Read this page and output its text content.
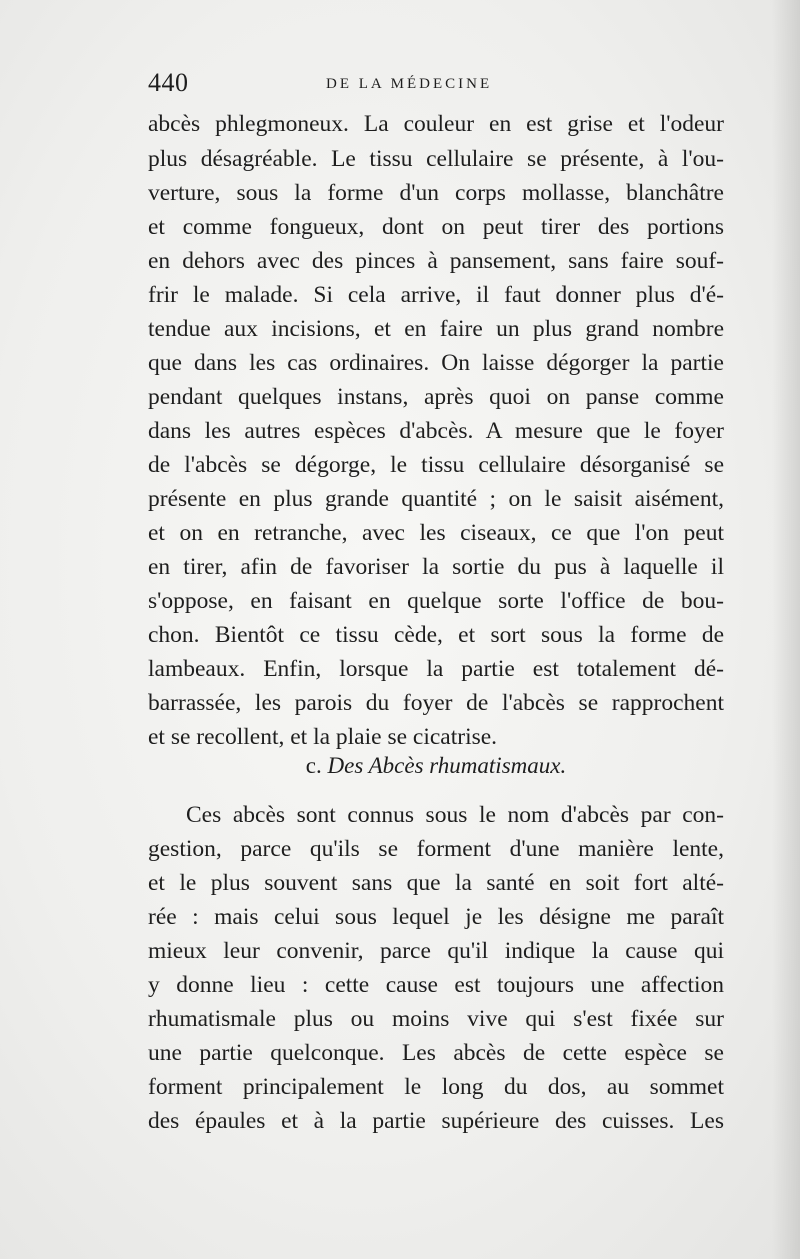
440	DE LA MÉDECINE
abcès phlegmoneux. La couleur en est grise et l'odeur
plus désagréable. Le tissu cellulaire se présente, à l'ou-
verture, sous la forme d'un corps mollasse, blanchâtre
et comme fongueux, dont on peut tirer des portions
en dehors avec des pinces à pansement, sans faire souf-
frir le malade. Si cela arrive, il faut donner plus d'é-
tendue aux incisions, et en faire un plus grand nombre
que dans les cas ordinaires. On laisse dégorger la partie
pendant quelques instans, après quoi on panse comme
dans les autres espèces d'abcès. A mesure que le foyer
de l'abcès se dégorge, le tissu cellulaire désorganisé se
présente en plus grande quantité ; on le saisit aisément,
et on en retranche, avec les ciseaux, ce que l'on peut
en tirer, afin de favoriser la sortie du pus à laquelle il
s'oppose, en faisant en quelque sorte l'office de bou-
chon. Bientôt ce tissu cède, et sort sous la forme de
lambeaux. Enfin, lorsque la partie est totalement dé-
barrassée, les parois du foyer de l'abcès se rapprochent
et se recollent, et la plaie se cicatrise.
c. Des Abcès rhumatismaux.
Ces abcès sont connus sous le nom d'abcès par con-
gestion, parce qu'ils se forment d'une manière lente,
et le plus souvent sans que la santé en soit fort alté-
rée : mais celui sous lequel je les désigne me paraît
mieux leur convenir, parce qu'il indique la cause qui
y donne lieu : cette cause est toujours une affection
rhumatismale plus ou moins vive qui s'est fixée sur
une partie quelconque. Les abcès de cette espèce se
forment principalement le long du dos, au sommet
des épaules et à la partie supérieure des cuisses. Les
